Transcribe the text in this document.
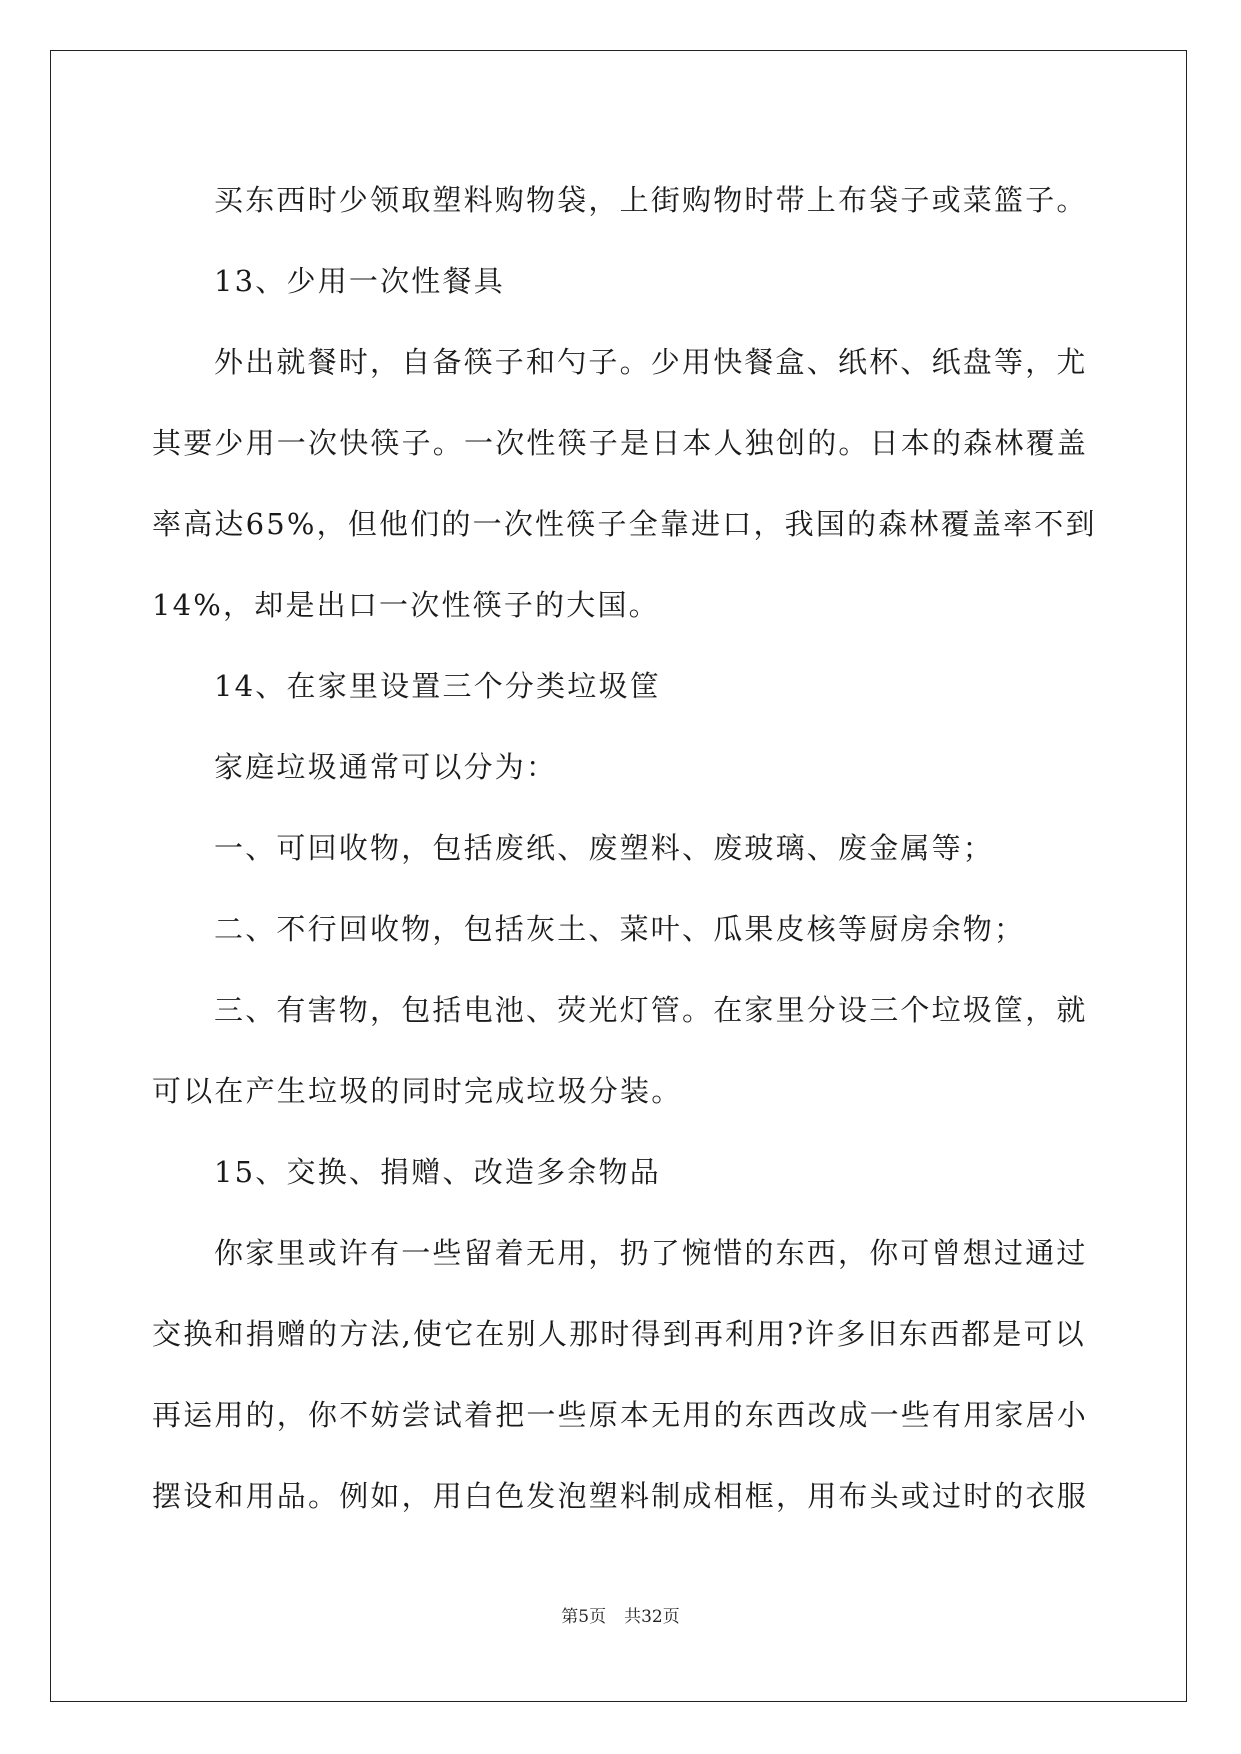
买东西时少领取塑料购物袋，上街购物时带上布袋子或菜篮子。
13、少用一次性餐具
外出就餐时，自备筷子和勺子。少用快餐盒、纸杯、纸盘等，尤
其要少用一次快筷子。一次性筷子是日本人独创的。日本的森林覆盖
率高达65%，但他们的一次性筷子全靠进口，我国的森林覆盖率不到
14%，却是出口一次性筷子的大国。
14、在家里设置三个分类垃圾筐
家庭垃圾通常可以分为：
一、可回收物，包括废纸、废塑料、废玻璃、废金属等；
二、不行回收物，包括灰土、菜叶、瓜果皮核等厨房余物；
三、有害物，包括电池、荧光灯管。在家里分设三个垃圾筐，就
可以在产生垃圾的同时完成垃圾分装。
15、交换、捐赠、改造多余物品
你家里或许有一些留着无用，扔了惋惜的东西，你可曾想过通过
交换和捐赠的方法,使它在别人那时得到再利用?许多旧东西都是可以
再运用的，你不妨尝试着把一些原本无用的东西改成一些有用家居小
摆设和用品。例如，用白色发泡塑料制成相框，用布头或过时的衣服
第5页 共32页
